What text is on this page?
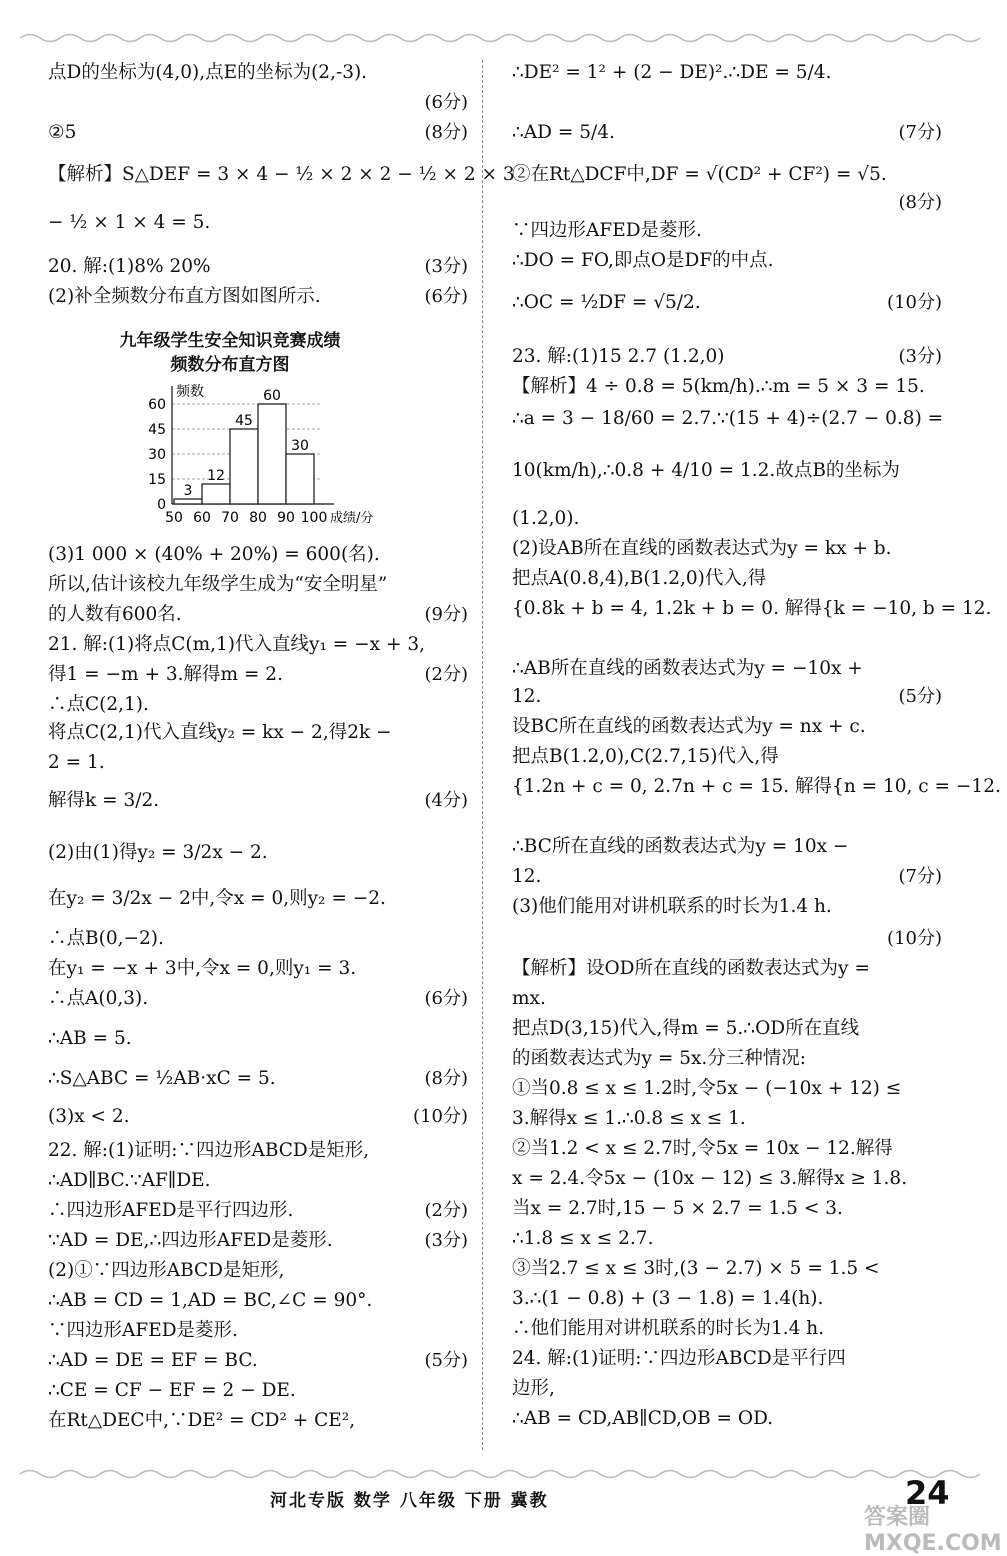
点D的坐标为(4,0),点E的坐标为(2,-3).
(6分)
②5	(8分)
【解析】S△DEF = 3 × 4 − ½ × 2 × 2 − ½ × 2 × 3
− ½ × 1 × 4 = 5.
20. 解:(1)8% 20%	(3分)
(2)补全频数分布直方图如图所示.	(6分)
(3)1 000 × (40% + 20%) = 600(名).
所以,估计该校九年级学生成为“安全明星”
的人数有600名.	(9分)
21. 解:(1)将点C(m,1)代入直线y₁ = −x + 3,
得1 = −m + 3.解得m = 2.	(2分)
∴点C(2,1).
将点C(2,1)代入直线y₂ = kx − 2,得2k −
2 = 1.
解得k = 3/2.	(4分)
(2)由(1)得y₂ = 3/2x − 2.
在y₂ = 3/2x − 2中,令x = 0,则y₂ = −2.
∴点B(0,−2).
在y₁ = −x + 3中,令x = 0,则y₁ = 3.
∴点A(0,3).	(6分)
∴AB = 5.
∴S△ABC = ½AB·xC = 5.	(8分)
(3)x < 2.	(10分)
22. 解:(1)证明:∵四边形ABCD是矩形,
∴AD∥BC.∵AF∥DE.
∴四边形AFED是平行四边形.	(2分)
∵AD = DE,∴四边形AFED是菱形.	(3分)
(2)①∵四边形ABCD是矩形,
∴AB = CD = 1,AD = BC,∠C = 90°.
∵四边形AFED是菱形.
∴AD = DE = EF = BC.	(5分)
∴CE = CF − EF = 2 − DE.
在Rt△DEC中,∵DE² = CD² + CE²,
∴DE² = 1² + (2 − DE)².∴DE = 5/4.
∴AD = 5/4.	(7分)
②在Rt△DCF中,DF = √(CD² + CF²) = √5.
(8分)
∵四边形AFED是菱形.
∴DO = FO,即点O是DF的中点.
∴OC = ½DF = √5/2.	(10分)
23. 解:(1)15 2.7 (1.2,0)	(3分)
【解析】4 ÷ 0.8 = 5(km/h).∴m = 5 × 3 = 15.
∴a = 3 − 18/60 = 2.7.∵(15 + 4)÷(2.7 − 0.8) =
10(km/h),∴0.8 + 4/10 = 1.2.故点B的坐标为
(1.2,0).
(2)设AB所在直线的函数表达式为y = kx + b.
把点A(0.8,4),B(1.2,0)代入,得
{0.8k + b = 4, 1.2k + b = 0. 解得{k = −10, b = 12.
∴AB所在直线的函数表达式为y = −10x +
12.	(5分)
设BC所在直线的函数表达式为y = nx + c.
把点B(1.2,0),C(2.7,15)代入,得
{1.2n + c = 0, 2.7n + c = 15. 解得{n = 10, c = −12.
∴BC所在直线的函数表达式为y = 10x −
12.	(7分)
(3)他们能用对讲机联系的时长为1.4 h.
(10分)
【解析】设OD所在直线的函数表达式为y =
mx.
把点D(3,15)代入,得m = 5.∴OD所在直线
的函数表达式为y = 5x.分三种情况:
①当0.8 ≤ x ≤ 1.2时,令5x − (−10x + 12) ≤
3.解得x ≤ 1.∴0.8 ≤ x ≤ 1.
②当1.2 < x ≤ 2.7时,令5x = 10x − 12.解得
x = 2.4.令5x − (10x − 12) ≤ 3.解得x ≥ 1.8.
当x = 2.7时,15 − 5 × 2.7 = 1.5 < 3.
∴1.8 ≤ x ≤ 2.7.
③当2.7 ≤ x ≤ 3时,(3 − 2.7) × 5 = 1.5 <
3.∴(1 − 0.8) + (3 − 1.8) = 1.4(h).
∴他们能用对讲机联系的时长为1.4 h.
24. 解:(1)证明:∵四边形ABCD是平行四
边形,
∴AB = CD,AB∥CD,OB = OD.
九年级学生安全知识竞赛成绩
频数分布直方图
0
15
30
45
60
频数
3
12
45
60
30
50 60 70 80 90 100 成绩/分
河北专版 数学 八年级 下册 冀教	24
答案圈 MXQE.COM
